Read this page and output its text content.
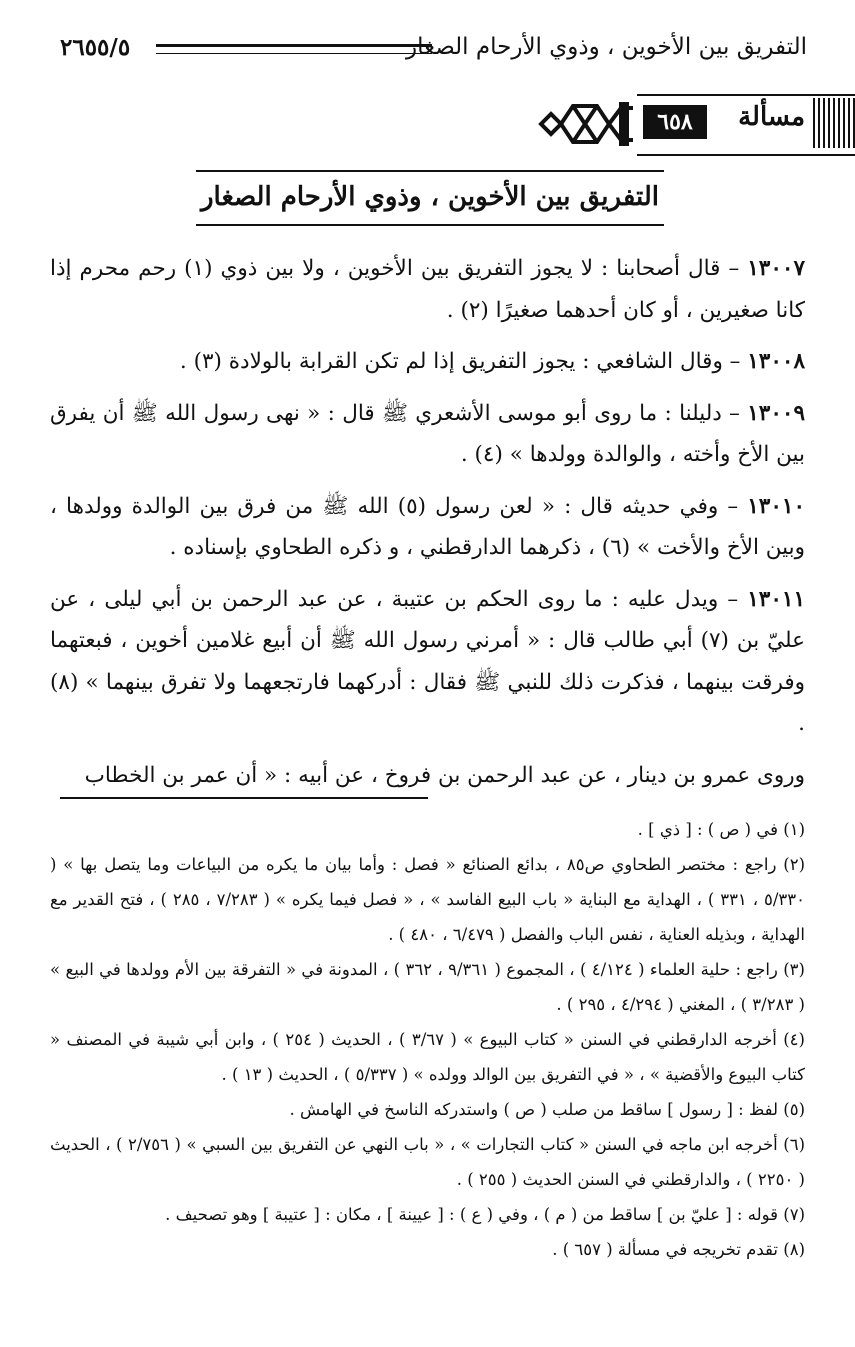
التفريق بين الأخوين ، وذوي الأرحام الصغار
٢٦٥٥/٥
مسألة
٦٥٨
التفريق بين الأخوين ، وذوي الأرحام الصغار

١٣٠٠٧ – قال أصحابنا : لا يجوز التفريق بين الأخوين ، ولا بين ذوي (١) رحم محرم إذا كانا صغيرين ، أو كان أحدهما صغيرًا (٢) .

١٣٠٠٨ – وقال الشافعي : يجوز التفريق إذا لم تكن القرابة بالولادة (٣) .

١٣٠٠٩ – دليلنا : ما روى أبو موسى الأشعري ﷺ قال : « نهى رسول الله ﷺ أن يفرق بين الأخ وأخته ، والوالدة وولدها » (٤) .

١٣٠١٠ – وفي حديثه قال : « لعن رسول (٥) الله ﷺ من فرق بين الوالدة وولدها ، وبين الأخ والأخت » (٦) ، ذكرهما الدارقطني ، و ذكره الطحاوي بإسناده .

١٣٠١١ – ويدل عليه : ما روى الحكم بن عتيبة ، عن عبد الرحمن بن أبي ليلى ، عن عليّ بن (٧) أبي طالب قال : « أمرني رسول الله ﷺ أن أبيع غلامين أخوين ، فبعتهما وفرقت بينهما ، فذكرت ذلك للنبي ﷺ فقال : أدركهما فارتجعهما ولا تفرق بينهما » (٨) .

وروى عمرو بن دينار ، عن عبد الرحمن بن فروخ ، عن أبيه : « أن عمر بن الخطاب

(١) في ( ص ) : [ ذي ] .

(٢) راجع : مختصر الطحاوي ص٨٥ ، بدائع الصنائع « فصل : وأما بيان ما يكره من البياعات وما يتصل بها » ( ٥/٣٣٠ ، ٣٣١ ) ، الهداية مع البناية « باب البيع الفاسد » ، « فصل فيما يكره » ( ٧/٢٨٣ ، ٢٨٥ ) ، فتح القدير مع الهداية ، وبذيله العناية ، نفس الباب والفصل ( ٦/٤٧٩ ، ٤٨٠ ) .

(٣) راجع : حلية العلماء ( ٤/١٢٤ ) ، المجموع ( ٩/٣٦١ ، ٣٦٢ ) ، المدونة في « التفرقة بين الأم وولدها في البيع » ( ٣/٢٨٣ ) ، المغني ( ٤/٢٩٤ ، ٢٩٥ ) .

(٤) أخرجه الدارقطني في السنن « كتاب البيوع » ( ٣/٦٧ ) ، الحديث ( ٢٥٤ ) ، وابن أبي شيبة في المصنف « كتاب البيوع والأقضية » ، « في التفريق بين الوالد وولده » ( ٥/٣٣٧ ) ، الحديث ( ١٣ ) .

(٥) لفظ : [ رسول ] ساقط من صلب ( ص ) واستدركه الناسخ في الهامش .

(٦) أخرجه ابن ماجه في السنن « كتاب التجارات » ، « باب النهي عن التفريق بين السبي » ( ٢/٧٥٦ ) ، الحديث ( ٢٢٥٠ ) ، والدارقطني في السنن الحديث ( ٢٥٥ ) .

(٧) قوله : [ عليّ بن ] ساقط من ( م ) ، وفي ( ع ) : [ عيينة ] ، مكان : [ عتيبة ] وهو تصحيف .

(٨) تقدم تخريجه في مسألة ( ٦٥٧ ) .
